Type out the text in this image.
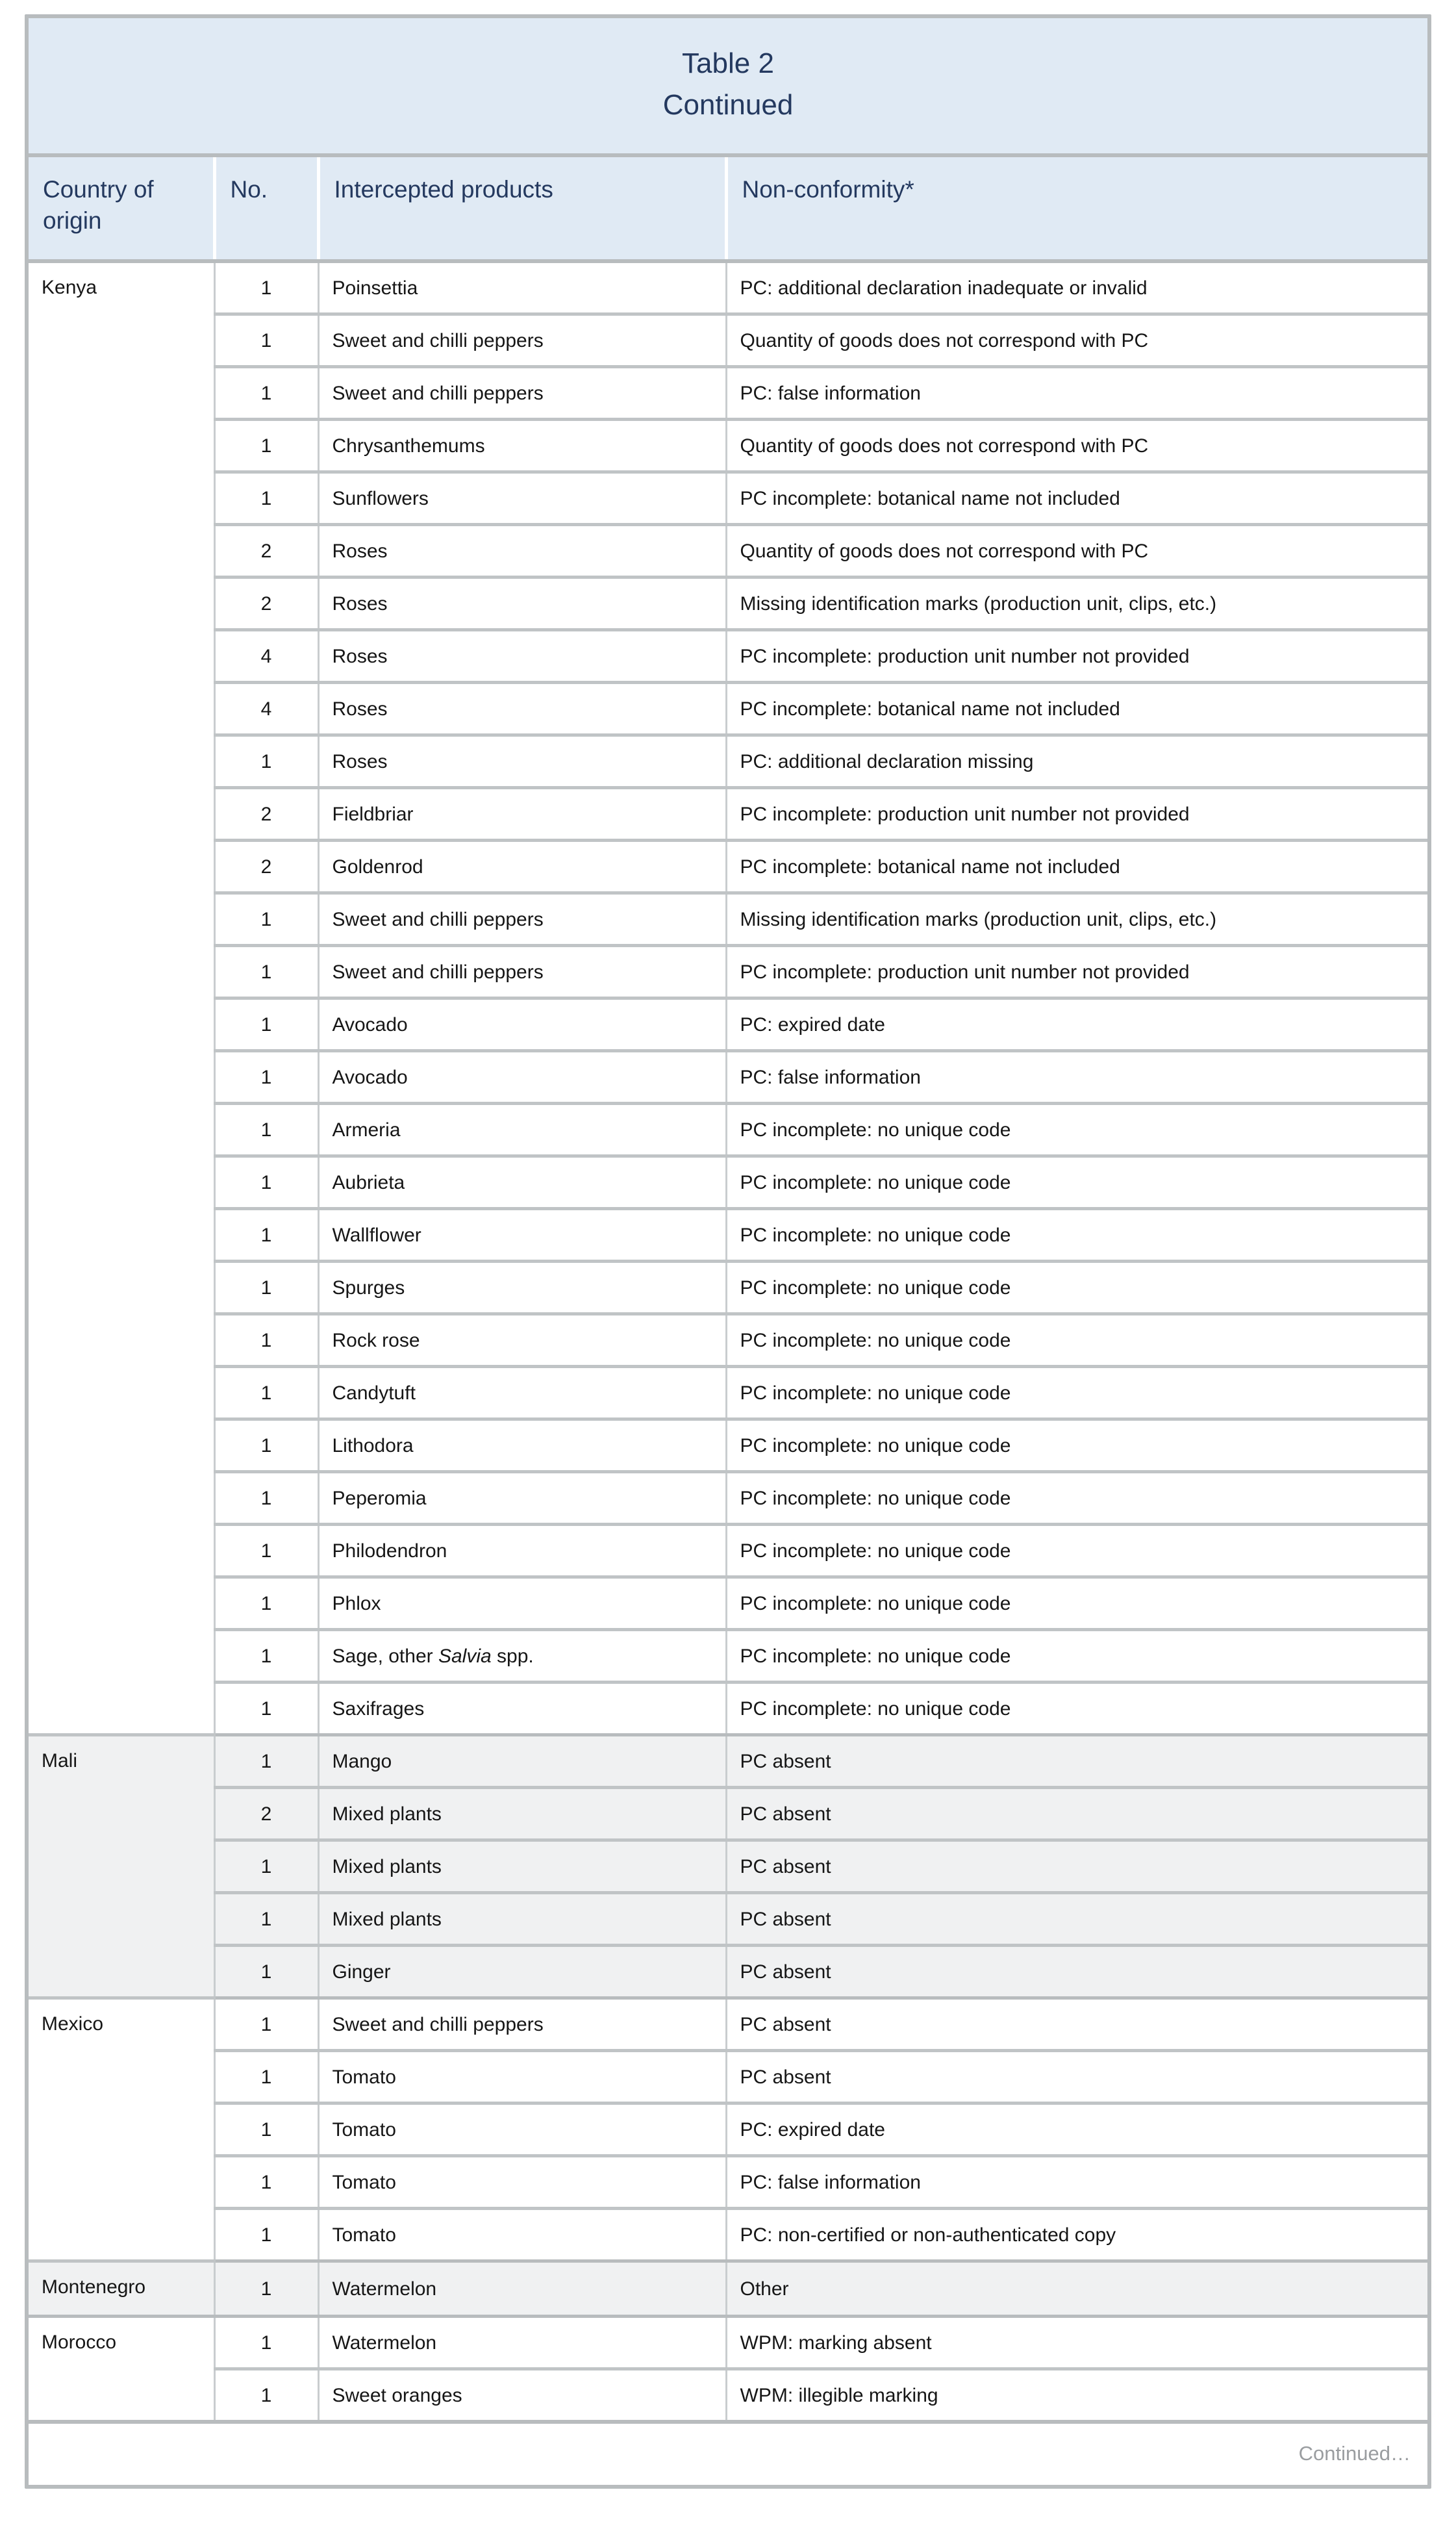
Table 2
Continued
Country of origin	No.	Intercepted products	Non-conformity*
Kenya	1	Poinsettia	PC: additional declaration inadequate or invalid
	1	Sweet and chilli peppers	Quantity of goods does not correspond with PC
	1	Sweet and chilli peppers	PC: false information
	1	Chrysanthemums	Quantity of goods does not correspond with PC
	1	Sunflowers	PC incomplete: botanical name not included
	2	Roses	Quantity of goods does not correspond with PC
	2	Roses	Missing identification marks (production unit, clips, etc.)
	4	Roses	PC incomplete: production unit number not provided
	4	Roses	PC incomplete: botanical name not included
	1	Roses	PC: additional declaration missing
	2	Fieldbriar	PC incomplete: production unit number not provided
	2	Goldenrod	PC incomplete: botanical name not included
	1	Sweet and chilli peppers	Missing identification marks (production unit, clips, etc.)
	1	Sweet and chilli peppers	PC incomplete: production unit number not provided
	1	Avocado	PC: expired date
	1	Avocado	PC: false information
	1	Armeria	PC incomplete: no unique code
	1	Aubrieta	PC incomplete: no unique code
	1	Wallflower	PC incomplete: no unique code
	1	Spurges	PC incomplete: no unique code
	1	Rock rose	PC incomplete: no unique code
	1	Candytuft	PC incomplete: no unique code
	1	Lithodora	PC incomplete: no unique code
	1	Peperomia	PC incomplete: no unique code
	1	Philodendron	PC incomplete: no unique code
	1	Phlox	PC incomplete: no unique code
	1	Sage, other Salvia spp.	PC incomplete: no unique code
	1	Saxifrages	PC incomplete: no unique code
Mali	1	Mango	PC absent
	2	Mixed plants	PC absent
	1	Mixed plants	PC absent
	1	Mixed plants	PC absent
	1	Ginger	PC absent
Mexico	1	Sweet and chilli peppers	PC absent
	1	Tomato	PC absent
	1	Tomato	PC: expired date
	1	Tomato	PC: false information
	1	Tomato	PC: non-certified or non-authenticated copy
Montenegro	1	Watermelon	Other
Morocco	1	Watermelon	WPM: marking absent
	1	Sweet oranges	WPM: illegible marking
Continued…			
